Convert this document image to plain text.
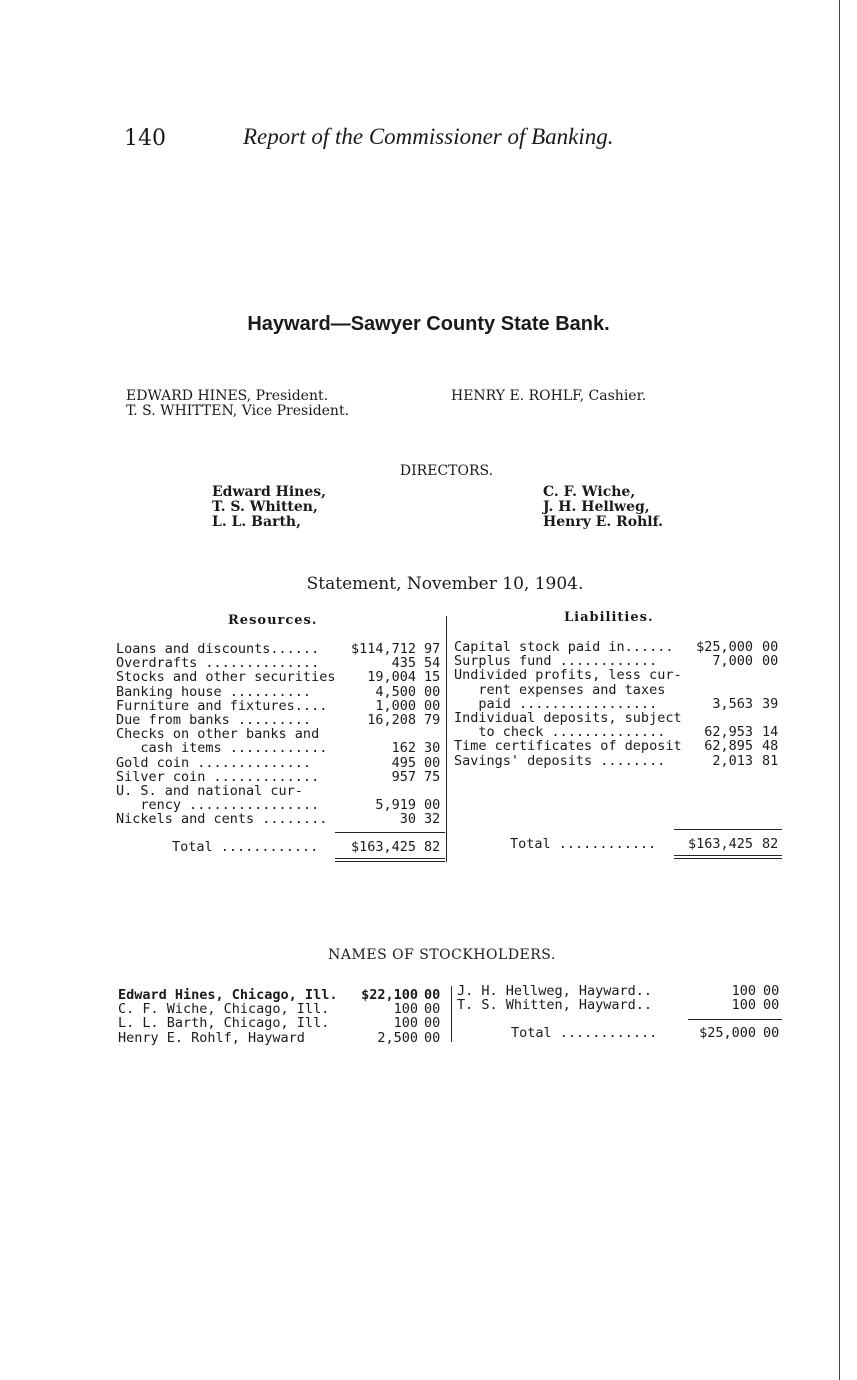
140	Report of the Commissioner of Banking.
Hayward—Sawyer County State Bank.
EDWARD HINES, President.
T. S. WHITTEN, Vice President.
HENRY E. ROHLF, Cashier.
DIRECTORS.
Edward Hines,
T. S. Whitten,
L. L. Barth,
C. F. Wiche,
J. H. Hellweg,
Henry E. Rohlf.
Statement, November 10, 1904.
Resources.	Liabilities.
Loans and discounts...... $114,712 97
Overdrafts ..............	435 54
Stocks and other securities 19,004 15
Banking house ..........	4,500 00
Furniture and fixtures....	1,000 00
Due from banks .........	16,208 79
Checks on other banks and
cash items ............	162 30
Gold coin ..............	495 00
Silver coin .............	957 75
U. S. and national cur-
rency ................	5,919 00
Nickels and cents ........	30 32
Total ............ $163,425 82
Capital stock paid in...... $25,000 00
Surplus fund ............	7,000 00
Undivided profits, less cur-
rent expenses and taxes
paid .................	3,563 39
Individual deposits, subject
to check ..............	62,953 14
Time certificates of deposit 62,895 48
Savings' deposits ........	2,013 81
Total ............ $163,425 82
NAMES OF STOCKHOLDERS.
Edward Hines, Chicago, Ill. $22,100 00
C. F. Wiche, Chicago, Ill.	100 00
L. L. Barth, Chicago, Ill.	100 00
Henry E. Rohlf, Hayward	2,500 00
J. H. Hellweg, Hayward..	100 00
T. S. Whitten, Hayward..	100 00
Total ............	$25,000 00
